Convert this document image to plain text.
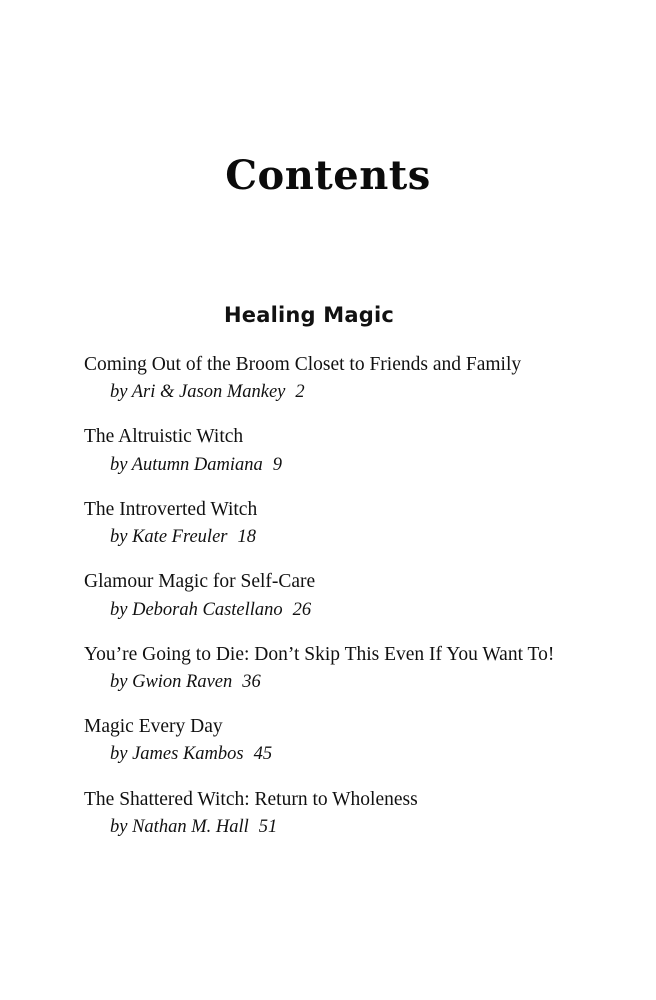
Contents
Healing Magic
Coming Out of the Broom Closet to Friends and Family
by Ari & Jason Mankey 2
The Altruistic Witch
by Autumn Damiana 9
The Introverted Witch
by Kate Freuler 18
Glamour Magic for Self-Care
by Deborah Castellano 26
You’re Going to Die: Don’t Skip This Even If You Want To!
by Gwion Raven 36
Magic Every Day
by James Kambos 45
The Shattered Witch: Return to Wholeness
by Nathan M. Hall 51
